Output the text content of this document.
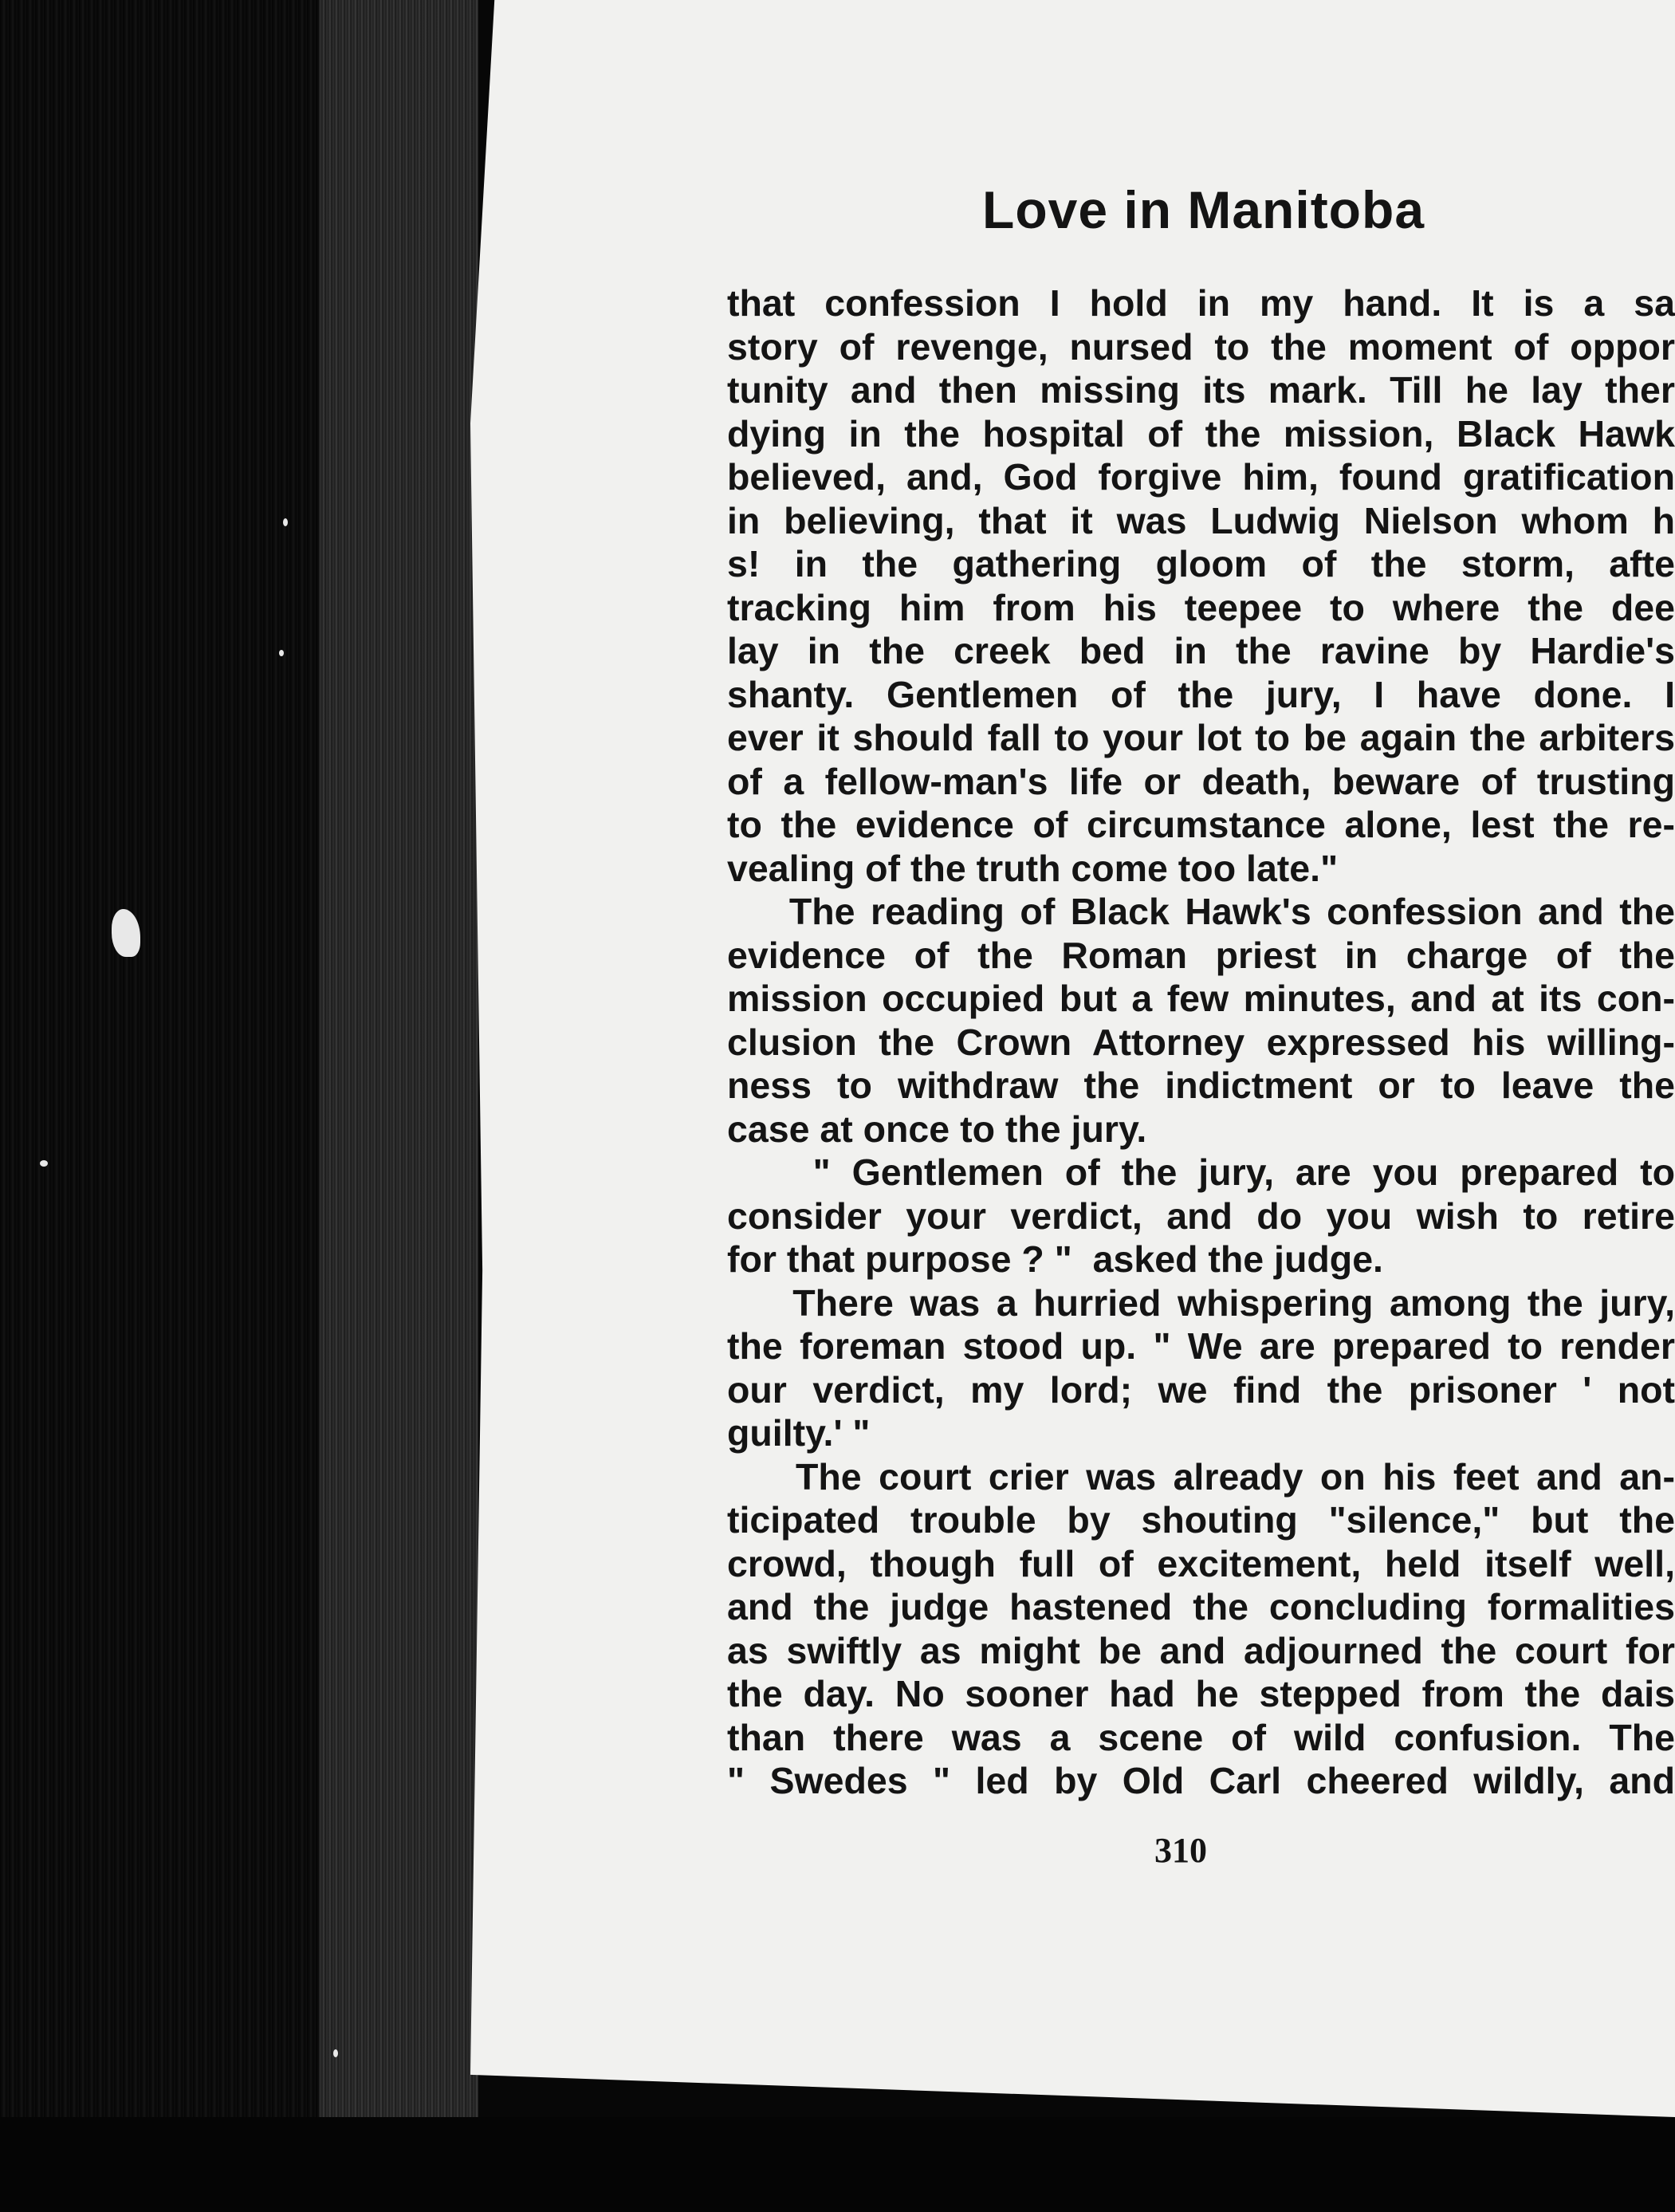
Love in Manitoba
that confession I hold in my hand. It is a sa
story of revenge, nursed to the moment of oppor
tunity and then missing its mark. Till he lay ther
dying in the hospital of the mission, Black Hawk
believed, and, God forgive him, found gratification
in believing, that it was Ludwig Nielson whom h
s! in the gathering gloom of the storm, afte
tracking him from his teepee to where the dee
lay in the creek bed in the ravine by Hardie's
shanty. Gentlemen of the jury, I have done. I
ever it should fall to your lot to be again the arbiters
of a fellow-man's life or death, beware of trusting
to the evidence of circumstance alone, lest the re-
vealing of the truth come too late."
The reading of Black Hawk's confession and the
evidence of the Roman priest in charge of the
mission occupied but a few minutes, and at its con-
clusion the Crown Attorney expressed his willing-
ness to withdraw the indictment or to leave the
case at once to the jury.
" Gentlemen of the jury, are you prepared to
consider your verdict, and do you wish to retire
for that purpose ? "  asked the judge.
There was a hurried whispering among the jury,
the foreman stood up. " We are prepared to render
our verdict, my lord; we find the prisoner ' not
guilty.' "
The court crier was already on his feet and an-
ticipated trouble by shouting "silence," but the
crowd, though full of excitement, held itself well,
and the judge hastened the concluding formalities
as swiftly as might be and adjourned the court for
the day. No sooner had he stepped from the dais
than there was a scene of wild confusion. The
" Swedes " led by Old Carl cheered wildly, and
310
